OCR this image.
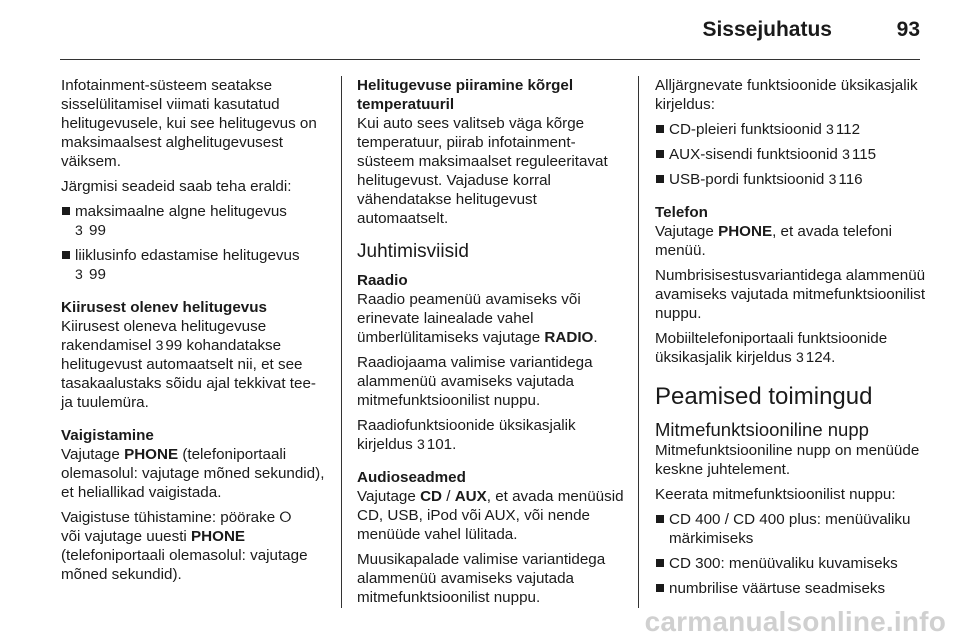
Sissejuhatus	93

Infotainment-süsteem seatakse sisselülitamisel viimati kasutatud helitugevusele, kui see helitugevus on maksimaalsest alghelitugevusest väiksem.

Järgmisi seadeid saab teha eraldi:

maksimaalne algne helitugevus
3 99
liiklusinfo edastamise helitugevus
3 99

Kiirusest olenev helitugevus

Kiirusest oleneva helitugevuse rakendamisel 3 99 kohandatakse helitugevust automaatselt nii, et see tasakaalustaks sõidu ajal tekkivat tee- ja tuulemüra.

Vaigistamine

Vajutage PHONE (telefoniportaali olemasolul: vajutage mõned sekundid), et heliallikad vaigistada.

Vaigistuse tühistamine: pöörake ⭘
või vajutage uuesti PHONE (telefoniportaali olemasolul: vajutage mõned sekundid).

Helitugevuse piiramine kõrgel temperatuuril

Kui auto sees valitseb väga kõrge temperatuur, piirab infotainment-süsteem maksimaalset reguleeritavat helitugevust. Vajaduse korral vähendatakse helitugevust automaatselt.

Juhtimisviisid

Raadio

Raadio peamenüü avamiseks või erinevate lainealade vahel ümberlülitamiseks vajutage RADIO.

Raadiojaama valimise variantidega alammenüü avamiseks vajutada mitmefunktsioonilist nuppu.

Raadiofunktsioonide üksikasjalik kirjeldus 3 101.

Audioseadmed

Vajutage CD / AUX, et avada menüüsid CD, USB, iPod või AUX, või nende menüüde vahel lülitada.

Muusikapalade valimise variantidega alammenüü avamiseks vajutada mitmefunktsioonilist nuppu.

Alljärgnevate funktsioonide üksikasjalik kirjeldus:

CD-pleieri funktsioonid 3 112
AUX-sisendi funktsioonid 3 115
USB-pordi funktsioonid 3 116

Telefon

Vajutage PHONE, et avada telefoni menüü.

Numbrisisestusvariantidega alammenüü avamiseks vajutada mitmefunktsioonilist nuppu.

Mobiiltelefoniportaali funktsioonide üksikasjalik kirjeldus 3 124.

Peamised toimingud
Mitmefunktsiooniline nupp

Mitmefunktsiooniline nupp on menüüde keskne juhtelement.

Keerata mitmefunktsioonilist nuppu:

CD 400 / CD 400 plus: menüüvaliku märkimiseks
CD 300: menüüvaliku kuvamiseks
numbrilise väärtuse seadmiseks
carmanualsonline.info
